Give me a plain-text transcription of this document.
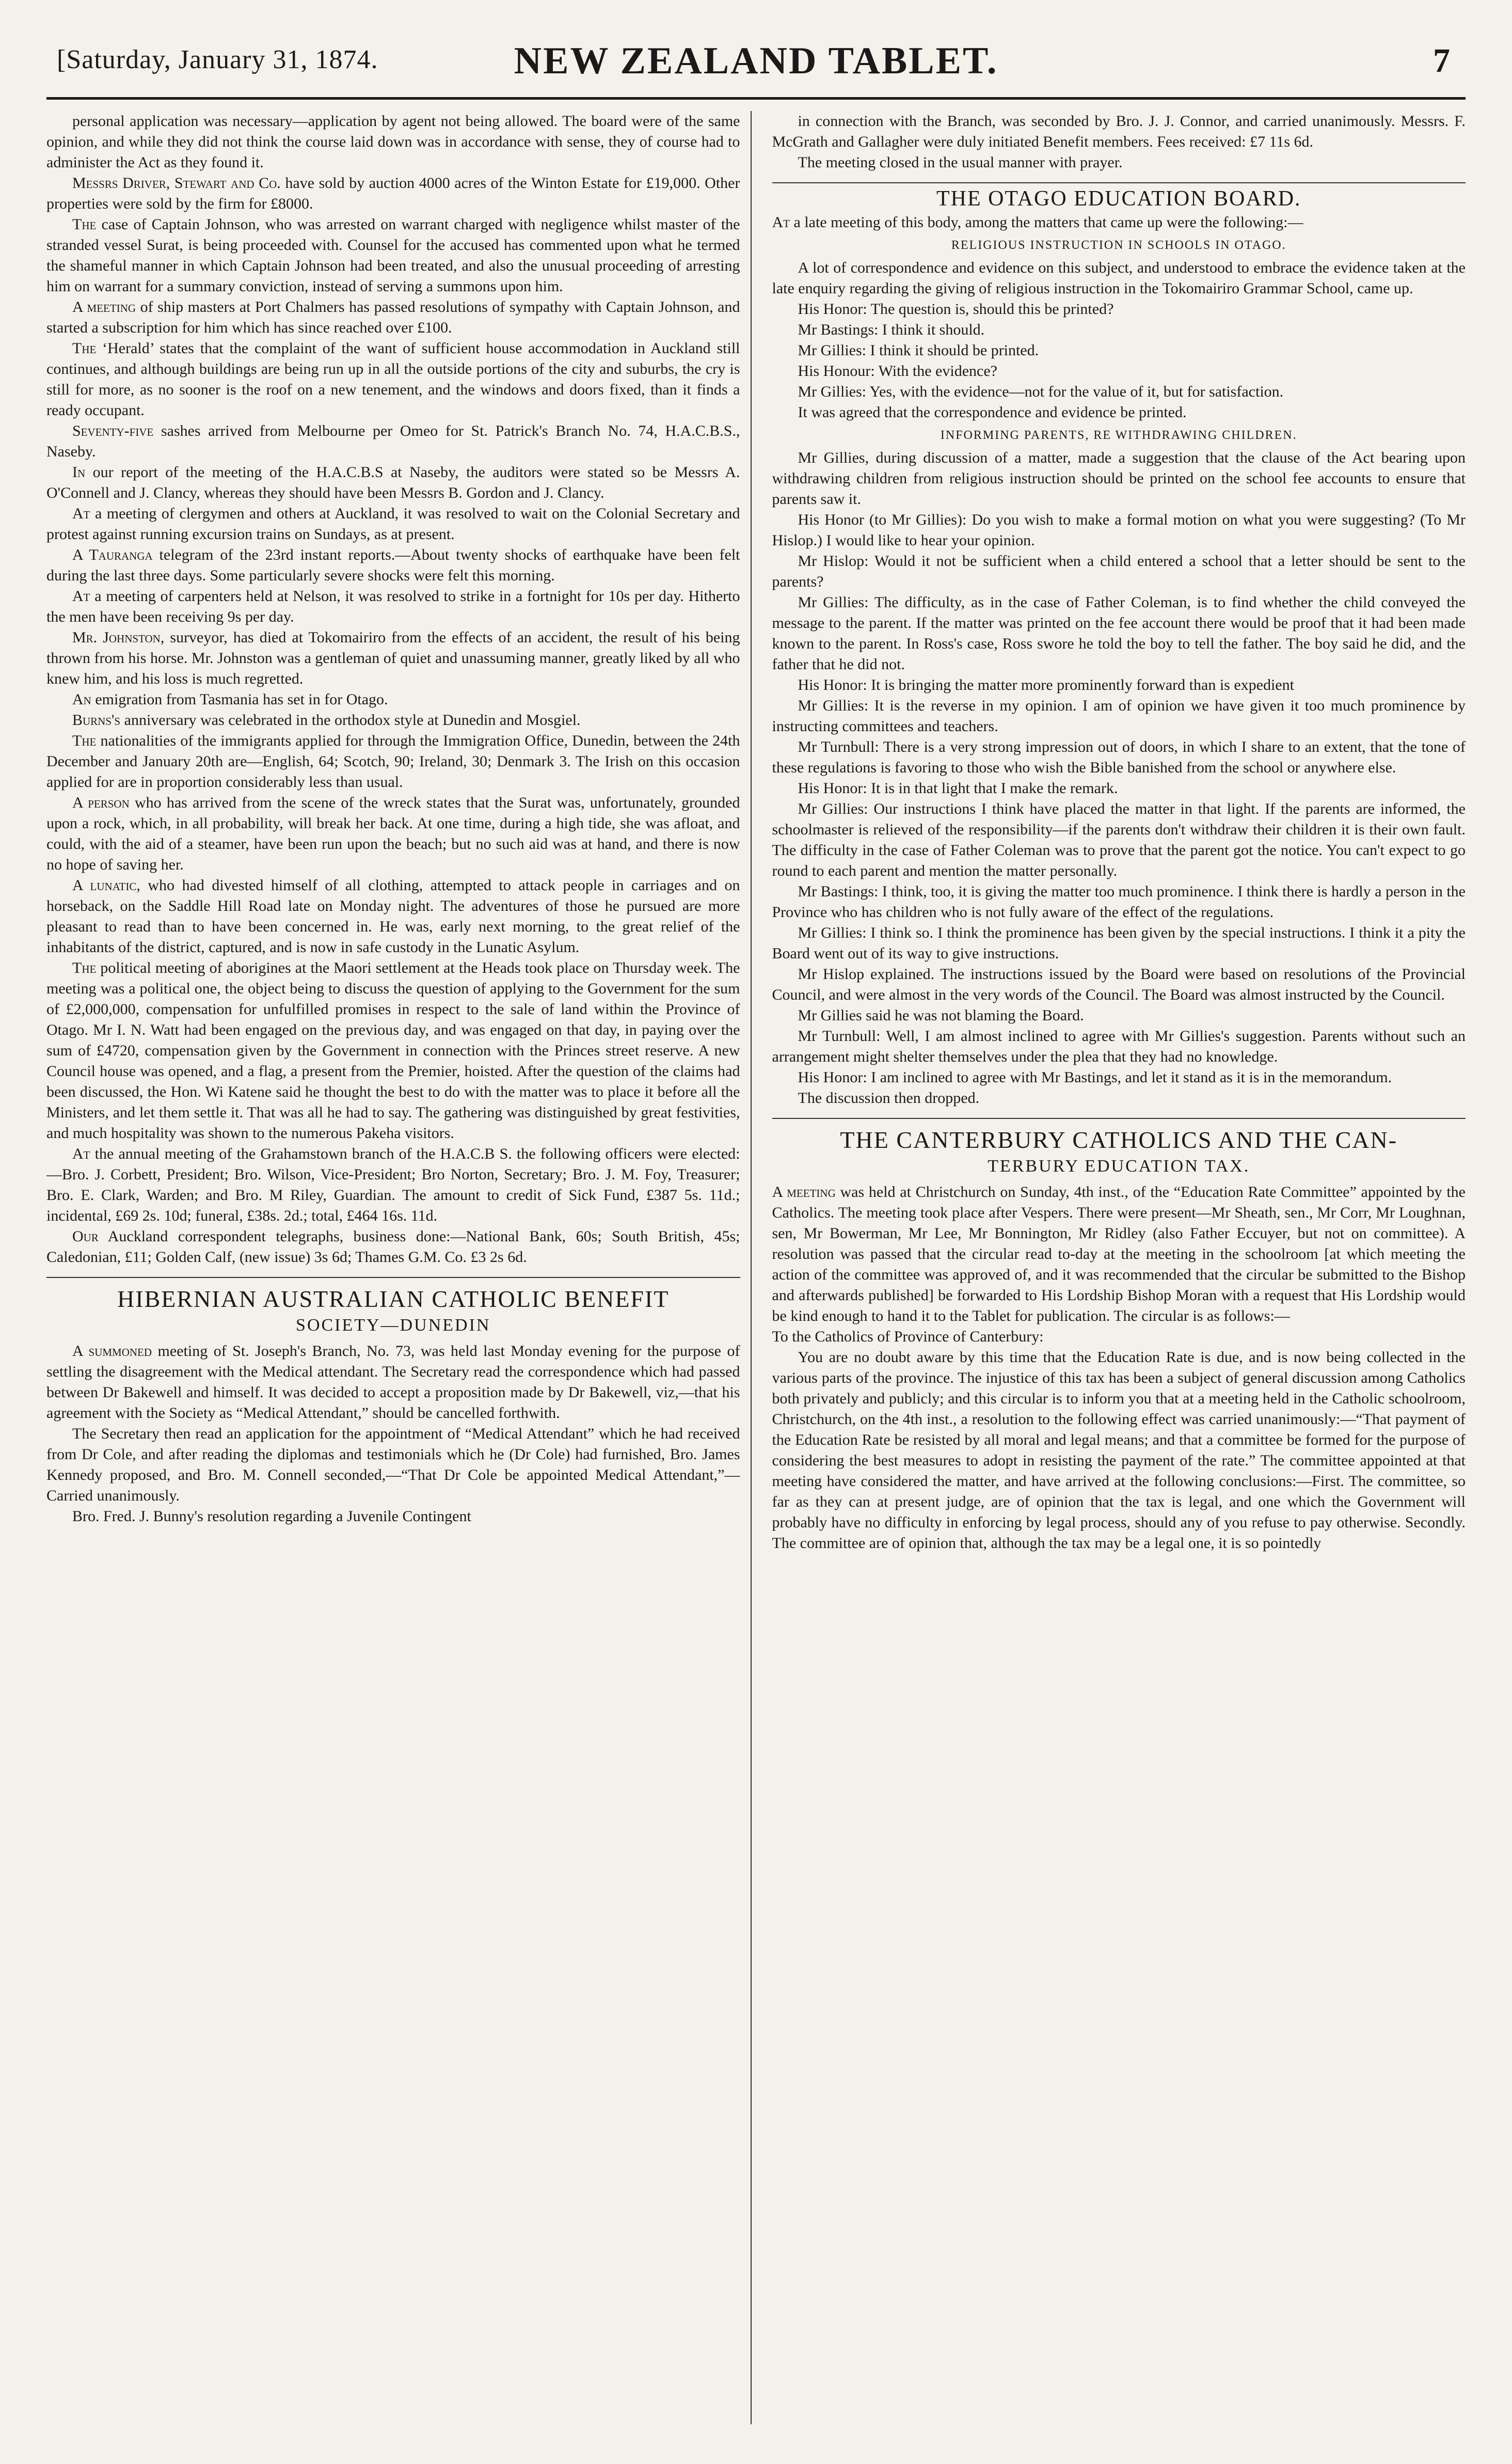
[Saturday, January 31, 1874.	NEW ZEALAND TABLET.	7

personal application was necessary—application by agent not being allowed. The board were of the same opinion, and while they did not think the course laid down was in accordance with sense, they of course had to administer the Act as they found it.

Messrs Driver, Stewart and Co. have sold by auction 4000 acres of the Winton Estate for £19,000. Other properties were sold by the firm for £8000.

The case of Captain Johnson, who was arrested on warrant charged with negligence whilst master of the stranded vessel Surat, is being proceeded with. Counsel for the accused has commented upon what he termed the shameful manner in which Captain Johnson had been treated, and also the unusual proceeding of arresting him on warrant for a summary conviction, instead of serving a summons upon him.

A meeting of ship masters at Port Chalmers has passed resolutions of sympathy with Captain Johnson, and started a subscription for him which has since reached over £100.

The ‘Herald’ states that the complaint of the want of sufficient house accommodation in Auckland still continues, and although buildings are being run up in all the outside portions of the city and suburbs, the cry is still for more, as no sooner is the roof on a new tenement, and the windows and doors fixed, than it finds a ready occupant.

Seventy-five sashes arrived from Melbourne per Omeo for St. Patrick's Branch No. 74, H.A.C.B.S., Naseby.

In our report of the meeting of the H.A.C.B.S at Naseby, the auditors were stated so be Messrs A. O'Connell and J. Clancy, whereas they should have been Messrs B. Gordon and J. Clancy.

At a meeting of clergymen and others at Auckland, it was resolved to wait on the Colonial Secretary and protest against running excursion trains on Sundays, as at present.

A Tauranga telegram of the 23rd instant reports.—About twenty shocks of earthquake have been felt during the last three days. Some particularly severe shocks were felt this morning.

At a meeting of carpenters held at Nelson, it was resolved to strike in a fortnight for 10s per day. Hitherto the men have been receiving 9s per day.

Mr. Johnston, surveyor, has died at Tokomairiro from the effects of an accident, the result of his being thrown from his horse. Mr. Johnston was a gentleman of quiet and unassuming manner, greatly liked by all who knew him, and his loss is much regretted.

An emigration from Tasmania has set in for Otago.

Burns's anniversary was celebrated in the orthodox style at Dunedin and Mosgiel.

The nationalities of the immigrants applied for through the Immigration Office, Dunedin, between the 24th December and January 20th are—English, 64; Scotch, 90; Ireland, 30; Denmark 3. The Irish on this occasion applied for are in proportion considerably less than usual.

A person who has arrived from the scene of the wreck states that the Surat was, unfortunately, grounded upon a rock, which, in all probability, will break her back. At one time, during a high tide, she was afloat, and could, with the aid of a steamer, have been run upon the beach; but no such aid was at hand, and there is now no hope of saving her.

A lunatic, who had divested himself of all clothing, attempted to attack people in carriages and on horseback, on the Saddle Hill Road late on Monday night. The adventures of those he pursued are more pleasant to read than to have been concerned in. He was, early next morning, to the great relief of the inhabitants of the district, captured, and is now in safe custody in the Lunatic Asylum.

The political meeting of aborigines at the Maori settlement at the Heads took place on Thursday week. The meeting was a political one, the object being to discuss the question of applying to the Government for the sum of £2,000,000, compensation for unfulfilled promises in respect to the sale of land within the Province of Otago. Mr I. N. Watt had been engaged on the previous day, and was engaged on that day, in paying over the sum of £4720, compensation given by the Government in connection with the Princes street reserve. A new Council house was opened, and a flag, a present from the Premier, hoisted. After the question of the claims had been discussed, the Hon. Wi Katene said he thought the best to do with the matter was to place it before all the Ministers, and let them settle it. That was all he had to say. The gathering was distinguished by great festivities, and much hospitality was shown to the numerous Pakeha visitors.

At the annual meeting of the Grahamstown branch of the H.A.C.B S. the following officers were elected:—Bro. J. Corbett, President; Bro. Wilson, Vice-President; Bro Norton, Secretary; Bro. J. M. Foy, Treasurer; Bro. E. Clark, Warden; and Bro. M Riley, Guardian. The amount to credit of Sick Fund, £387 5s. 11d.; incidental, £69 2s. 10d; funeral, £38s. 2d.; total, £464 16s. 11d.

Our Auckland correspondent telegraphs, business done:—National Bank, 60s; South British, 45s; Caledonian, £11; Golden Calf, (new issue) 3s 6d; Thames G.M. Co. £3 2s 6d.

HIBERNIAN AUSTRALIAN CATHOLIC BENEFIT
SOCIETY—DUNEDIN

A summoned meeting of St. Joseph's Branch, No. 73, was held last Monday evening for the purpose of settling the disagreement with the Medical attendant. The Secretary read the correspondence which had passed between Dr Bakewell and himself. It was decided to accept a proposition made by Dr Bakewell, viz,—that his agreement with the Society as “Medical Attendant,” should be cancelled forthwith.

The Secretary then read an application for the appointment of “Medical Attendant” which he had received from Dr Cole, and after reading the diplomas and testimonials which he (Dr Cole) had furnished, Bro. James Kennedy proposed, and Bro. M. Connell seconded,—“That Dr Cole be appointed Medical Attendant,”—Carried unanimously.

Bro. Fred. J. Bunny's resolution regarding a Juvenile Contingent

in connection with the Branch, was seconded by Bro. J. J. Connor, and carried unanimously. Messrs. F. McGrath and Gallagher were duly initiated Benefit members. Fees received: £7 11s 6d.

The meeting closed in the usual manner with prayer.

THE OTAGO EDUCATION BOARD.

At a late meeting of this body, among the matters that came up were the following:—

RELIGIOUS INSTRUCTION IN SCHOOLS IN OTAGO.

A lot of correspondence and evidence on this subject, and understood to embrace the evidence taken at the late enquiry regarding the giving of religious instruction in the Tokomairiro Grammar School, came up.

His Honor: The question is, should this be printed?

Mr Bastings: I think it should.

Mr Gillies: I think it should be printed.

His Honour: With the evidence?

Mr Gillies: Yes, with the evidence—not for the value of it, but for satisfaction.

It was agreed that the correspondence and evidence be printed.

INFORMING PARENTS, RE WITHDRAWING CHILDREN.

Mr Gillies, during discussion of a matter, made a suggestion that the clause of the Act bearing upon withdrawing children from religious instruction should be printed on the school fee accounts to ensure that parents saw it.

His Honor (to Mr Gillies): Do you wish to make a formal motion on what you were suggesting? (To Mr Hislop.) I would like to hear your opinion.

Mr Hislop: Would it not be sufficient when a child entered a school that a letter should be sent to the parents?

Mr Gillies: The difficulty, as in the case of Father Coleman, is to find whether the child conveyed the message to the parent. If the matter was printed on the fee account there would be proof that it had been made known to the parent. In Ross's case, Ross swore he told the boy to tell the father. The boy said he did, and the father that he did not.

His Honor: It is bringing the matter more prominently forward than is expedient

Mr Gillies: It is the reverse in my opinion. I am of opinion we have given it too much prominence by instructing committees and teachers.

Mr Turnbull: There is a very strong impression out of doors, in which I share to an extent, that the tone of these regulations is favoring to those who wish the Bible banished from the school or anywhere else.

His Honor: It is in that light that I make the remark.

Mr Gillies: Our instructions I think have placed the matter in that light. If the parents are informed, the schoolmaster is relieved of the responsibility—if the parents don't withdraw their children it is their own fault. The difficulty in the case of Father Coleman was to prove that the parent got the notice. You can't expect to go round to each parent and mention the matter personally.

Mr Bastings: I think, too, it is giving the matter too much prominence. I think there is hardly a person in the Province who has children who is not fully aware of the effect of the regulations.

Mr Gillies: I think so. I think the prominence has been given by the special instructions. I think it a pity the Board went out of its way to give instructions.

Mr Hislop explained. The instructions issued by the Board were based on resolutions of the Provincial Council, and were almost in the very words of the Council. The Board was almost instructed by the Council.

Mr Gillies said he was not blaming the Board.

Mr Turnbull: Well, I am almost inclined to agree with Mr Gillies's suggestion. Parents without such an arrangement might shelter themselves under the plea that they had no knowledge.

His Honor: I am inclined to agree with Mr Bastings, and let it stand as it is in the memorandum.

The discussion then dropped.

THE CANTERBURY CATHOLICS AND THE CAN-
TERBURY EDUCATION TAX.

A meeting was held at Christchurch on Sunday, 4th inst., of the “Education Rate Committee” appointed by the Catholics. The meeting took place after Vespers. There were present—Mr Sheath, sen., Mr Corr, Mr Loughnan, sen, Mr Bowerman, Mr Lee, Mr Bonnington, Mr Ridley (also Father Eccuyer, but not on committee). A resolution was passed that the circular read to-day at the meeting in the schoolroom [at which meeting the action of the committee was approved of, and it was recommended that the circular be submitted to the Bishop and afterwards published] be forwarded to His Lordship Bishop Moran with a request that His Lordship would be kind enough to hand it to the Tablet for publication. The circular is as follows:—

To the Catholics of Province of Canterbury:

You are no doubt aware by this time that the Education Rate is due, and is now being collected in the various parts of the province. The injustice of this tax has been a subject of general discussion among Catholics both privately and publicly; and this circular is to inform you that at a meeting held in the Catholic schoolroom, Christchurch, on the 4th inst., a resolution to the following effect was carried unanimously:—“That payment of the Education Rate be resisted by all moral and legal means; and that a committee be formed for the purpose of considering the best measures to adopt in resisting the payment of the rate.” The committee appointed at that meeting have considered the matter, and have arrived at the following conclusions:—First. The committee, so far as they can at present judge, are of opinion that the tax is legal, and one which the Government will probably have no difficulty in enforcing by legal process, should any of you refuse to pay otherwise. Secondly. The committee are of opinion that, although the tax may be a legal one, it is so pointedly
